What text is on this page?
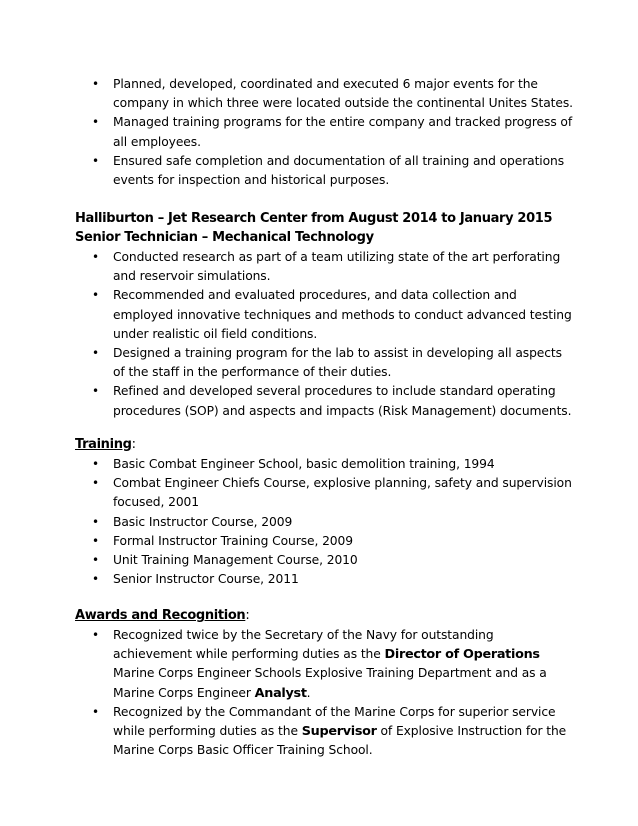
• Planned, developed, coordinated and executed 6 major events for the company in which three were located outside the continental Unites States.
• Managed training programs for the entire company and tracked progress of all employees.
• Ensured safe completion and documentation of all training and operations events for inspection and historical purposes.
Halliburton – Jet Research Center from August 2014 to January 2015
Senior Technician – Mechanical Technology
• Conducted research as part of a team utilizing state of the art perforating and reservoir simulations.
• Recommended and evaluated procedures, and data collection and employed innovative techniques and methods to conduct advanced testing under realistic oil field conditions.
• Designed a training program for the lab to assist in developing all aspects of the staff in the performance of their duties.
• Refined and developed several procedures to include standard operating procedures (SOP) and aspects and impacts (Risk Management) documents.
Training:
• Basic Combat Engineer School, basic demolition training, 1994
• Combat Engineer Chiefs Course, explosive planning, safety and supervision focused, 2001
• Basic Instructor Course, 2009
• Formal Instructor Training Course, 2009
• Unit Training Management Course, 2010
• Senior Instructor Course, 2011
Awards and Recognition:
• Recognized twice by the Secretary of the Navy for outstanding achievement while performing duties as the Director of Operations Marine Corps Engineer Schools Explosive Training Department and as a Marine Corps Engineer Analyst.
• Recognized by the Commandant of the Marine Corps for superior service while performing duties as the Supervisor of Explosive Instruction for the Marine Corps Basic Officer Training School.
